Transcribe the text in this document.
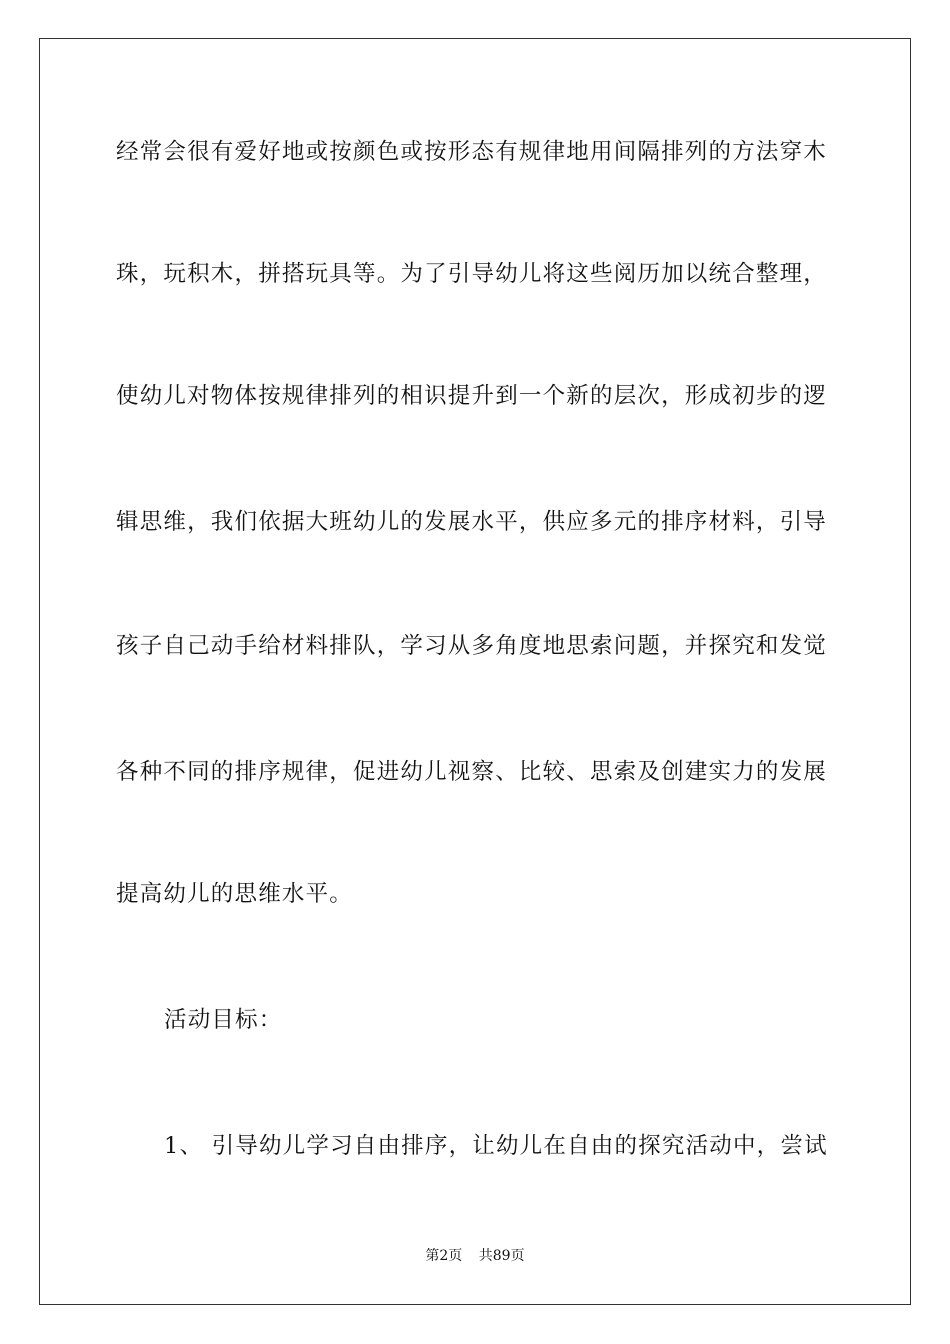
经常会很有爱好地或按颜色或按形态有规律地用间隔排列的方法穿木
珠，玩积木，拼搭玩具等。为了引导幼儿将这些阅历加以统合整理，
使幼儿对物体按规律排列的相识提升到一个新的层次，形成初步的逻
辑思维，我们依据大班幼儿的发展水平，供应多元的排序材料，引导
孩子自己动手给材料排队，学习从多角度地思索问题，并探究和发觉
各种不同的排序规律，促进幼儿视察、比较、思索及创建实力的发展
提高幼儿的思维水平。
活动目标：
1、 引导幼儿学习自由排序，让幼儿在自由的探究活动中，尝试
第2页 共89页
